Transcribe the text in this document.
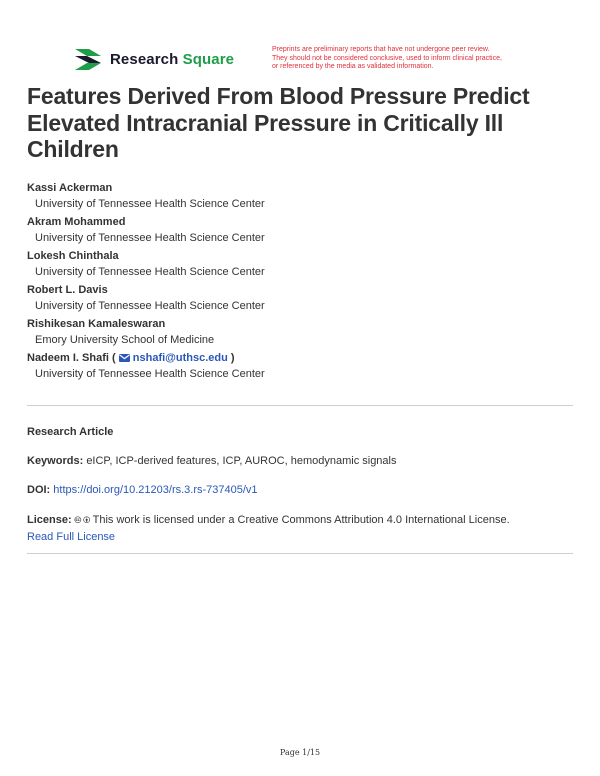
Research Square
Preprints are preliminary reports that have not undergone peer review.
They should not be considered conclusive, used to inform clinical practice,
or referenced by the media as validated information.
Features Derived From Blood Pressure Predict Elevated Intracranial Pressure in Critically Ill Children
Kassi Ackerman
University of Tennessee Health Science Center
Akram Mohammed
University of Tennessee Health Science Center
Lokesh Chinthala
University of Tennessee Health Science Center
Robert L. Davis
University of Tennessee Health Science Center
Rishikesan Kamaleswaran
Emory University School of Medicine
Nadeem I. Shafi ( nshafi@uthsc.edu )
University of Tennessee Health Science Center
Research Article
Keywords: eICP, ICP-derived features, ICP, AUROC, hemodynamic signals
DOI: https://doi.org/10.21203/rs.3.rs-737405/v1
License: 🅭 🅯 This work is licensed under a Creative Commons Attribution 4.0 International License.
Read Full License
Page 1/15
